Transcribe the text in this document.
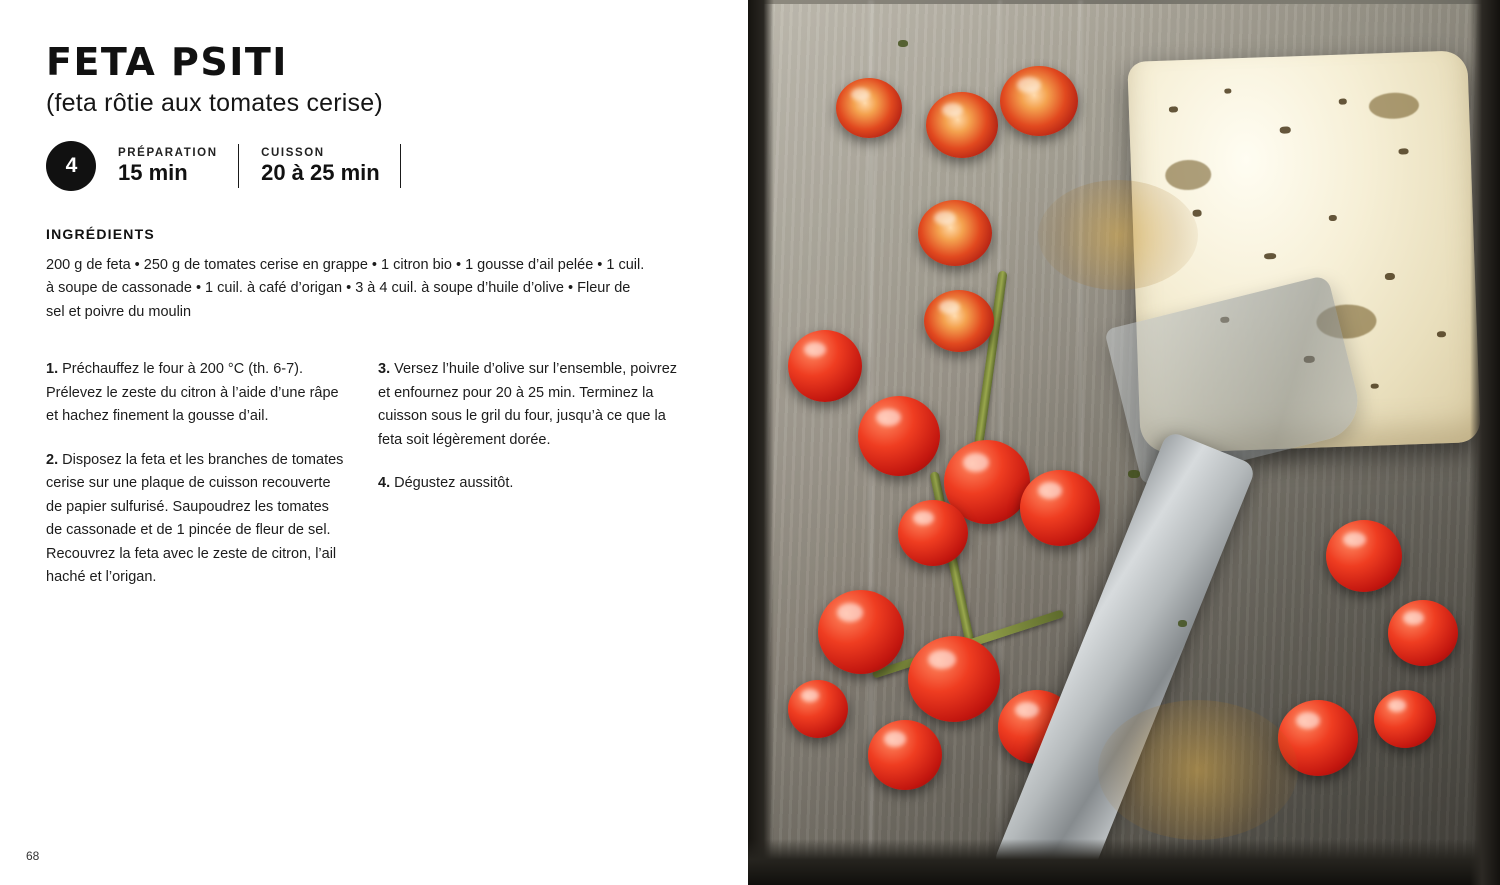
FETA PSITI
(feta rôtie aux tomates cerise)
4
PRÉPARATION
15 min
CUISSON
20 à 25 min
INGRÉDIENTS

200 g de feta • 250 g de tomates cerise en grappe • 1 citron bio • 1 gousse d’ail pelée • 1 cuil. à soupe de cassonade • 1 cuil. à café d’origan • 3 à 4 cuil. à soupe d’huile d’olive • Fleur de sel et poivre du moulin

1. Préchauffez le four à 200 °C (th. 6-7). Prélevez le zeste du citron à l’aide d’une râpe et hachez finement la gousse d’ail.

2. Disposez la feta et les branches de tomates cerise sur une plaque de cuisson recouverte de papier sulfurisé. Saupoudrez les tomates de cassonade et de 1 pincée de fleur de sel. Recouvrez la feta avec le zeste de citron, l’ail haché et l’origan.

3. Versez l’huile d’olive sur l’ensemble, poivrez et enfournez pour 20 à 25 min. Terminez la cuisson sous le gril du four, jusqu’à ce que la feta soit légèrement dorée.

4. Dégustez aussitôt.

68
